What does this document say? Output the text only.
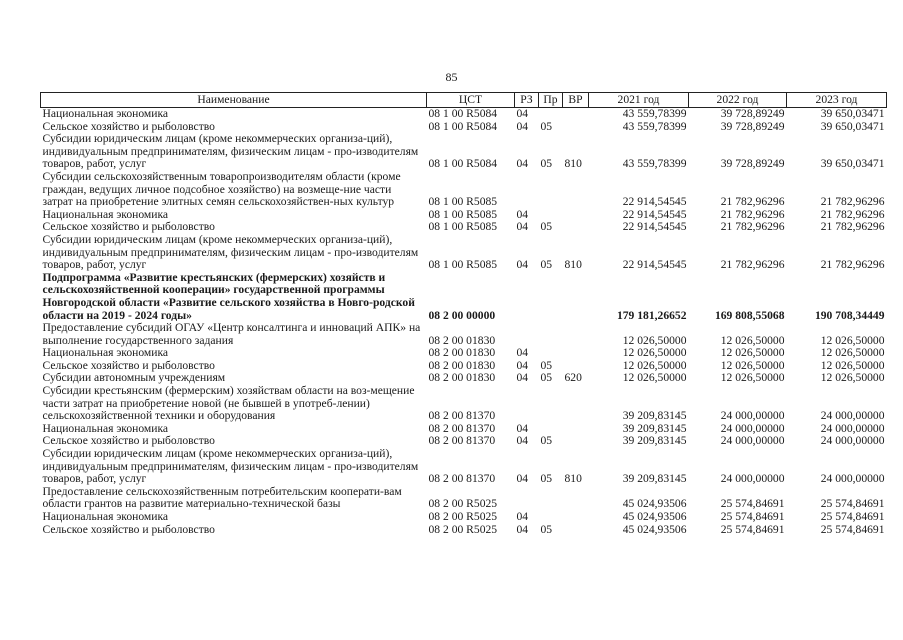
85
Наименование	ЦСТ	РЗ	Пр	ВР	2021 год	2022 год	2023 год
Национальная экономика	08 1 00 R5084	04			43 559,78399	39 728,89249	39 650,03471
Сельское хозяйство и рыболовство	08 1 00 R5084	04	05		43 559,78399	39 728,89249	39 650,03471
Субсидии юридическим лицам (кроме некоммерческих организа-ций), индивидуальным предпринимателям, физическим лицам - про-изводителям товаров, работ, услуг	08 1 00 R5084	04	05	810	43 559,78399	39 728,89249	39 650,03471
Субсидии сельскохозяйственным товаропроизводителям области (кроме граждан, ведущих личное подсобное хозяйство) на возмеще-ние части затрат на приобретение элитных семян сельскохозяйствен-ных культур	08 1 00 R5085				22 914,54545	21 782,96296	21 782,96296
Национальная экономика	08 1 00 R5085	04			22 914,54545	21 782,96296	21 782,96296
Сельское хозяйство и рыболовство	08 1 00 R5085	04	05		22 914,54545	21 782,96296	21 782,96296
Субсидии юридическим лицам (кроме некоммерческих организа-ций), индивидуальным предпринимателям, физическим лицам - про-изводителям товаров, работ, услуг	08 1 00 R5085	04	05	810	22 914,54545	21 782,96296	21 782,96296
Подпрограмма «Развитие крестьянских (фермерских) хозяйств и сельскохозяйственной кооперации» государственной программы Новгородской области «Развитие сельского хозяйства в Новго-родской области на 2019 - 2024 годы»	08 2 00 00000				179 181,26652	169 808,55068	190 708,34449
Предоставление субсидий ОГАУ «Центр консалтинга и инноваций АПК» на выполнение государственного задания	08 2 00 01830				12 026,50000	12 026,50000	12 026,50000
Национальная экономика	08 2 00 01830	04			12 026,50000	12 026,50000	12 026,50000
Сельское хозяйство и рыболовство	08 2 00 01830	04	05		12 026,50000	12 026,50000	12 026,50000
Субсидии автономным учреждениям	08 2 00 01830	04	05	620	12 026,50000	12 026,50000	12 026,50000
Субсидии крестьянским (фермерским) хозяйствам области на воз-мещение части затрат на приобретение новой (не бывшей в употреб-лении) сельскохозяйственной техники и оборудования	08 2 00 81370				39 209,83145	24 000,00000	24 000,00000
Национальная экономика	08 2 00 81370	04			39 209,83145	24 000,00000	24 000,00000
Сельское хозяйство и рыболовство	08 2 00 81370	04	05		39 209,83145	24 000,00000	24 000,00000
Субсидии юридическим лицам (кроме некоммерческих организа-ций), индивидуальным предпринимателям, физическим лицам - про-изводителям товаров, работ, услуг	08 2 00 81370	04	05	810	39 209,83145	24 000,00000	24 000,00000
Предоставление сельскохозяйственным потребительским кооперати-вам области грантов на развитие материально-технической базы	08 2 00 R5025				45 024,93506	25 574,84691	25 574,84691
Национальная экономика	08 2 00 R5025	04			45 024,93506	25 574,84691	25 574,84691
Сельское хозяйство и рыболовство	08 2 00 R5025	04	05		45 024,93506	25 574,84691	25 574,84691
